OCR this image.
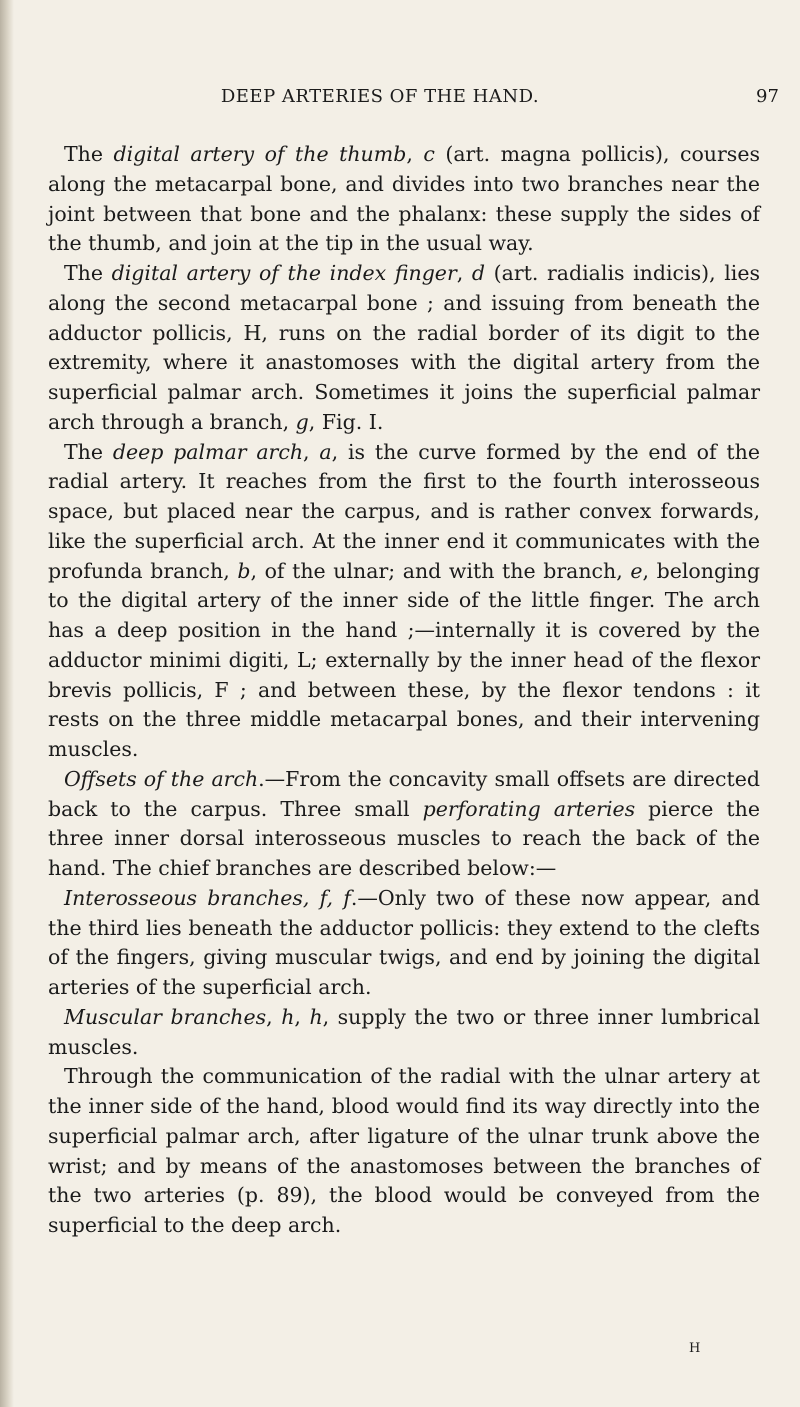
DEEP ARTERIES OF THE HAND.	97

The digital artery of the thumb, c (art. magna pollicis), courses along the metacarpal bone, and divides into two branches near the joint between that bone and the phalanx: these supply the sides of the thumb, and join at the tip in the usual way.

The digital artery of the index finger, d (art. radialis indicis), lies along the second metacarpal bone ; and issuing from beneath the adductor pollicis, H, runs on the radial border of its digit to the extremity, where it anastomoses with the digital artery from the superficial palmar arch. Sometimes it joins the superficial palmar arch through a branch, g, Fig. I.

The deep palmar arch, a, is the curve formed by the end of the radial artery. It reaches from the first to the fourth interosseous space, but placed near the carpus, and is rather convex forwards, like the superficial arch. At the inner end it communicates with the profunda branch, b, of the ulnar; and with the branch, e, belonging to the digital artery of the inner side of the little finger. The arch has a deep position in the hand ;—internally it is covered by the adductor minimi digiti, L; externally by the inner head of the flexor brevis pollicis, F ; and between these, by the flexor tendons : it rests on the three middle metacarpal bones, and their intervening muscles.

Offsets of the arch.—From the concavity small offsets are directed back to the carpus. Three small perforating arteries pierce the three inner dorsal interosseous muscles to reach the back of the hand. The chief branches are described below:—

Interosseous branches, f, f.—Only two of these now appear, and the third lies beneath the adductor pollicis: they extend to the clefts of the fingers, giving muscular twigs, and end by joining the digital arteries of the superficial arch.

Muscular branches, h, h, supply the two or three inner lumbrical muscles.

Through the communication of the radial with the ulnar artery at the inner side of the hand, blood would find its way directly into the superficial palmar arch, after ligature of the ulnar trunk above the wrist; and by means of the anastomoses between the branches of the two arteries (p. 89), the blood would be conveyed from the superficial to the deep arch.

H
